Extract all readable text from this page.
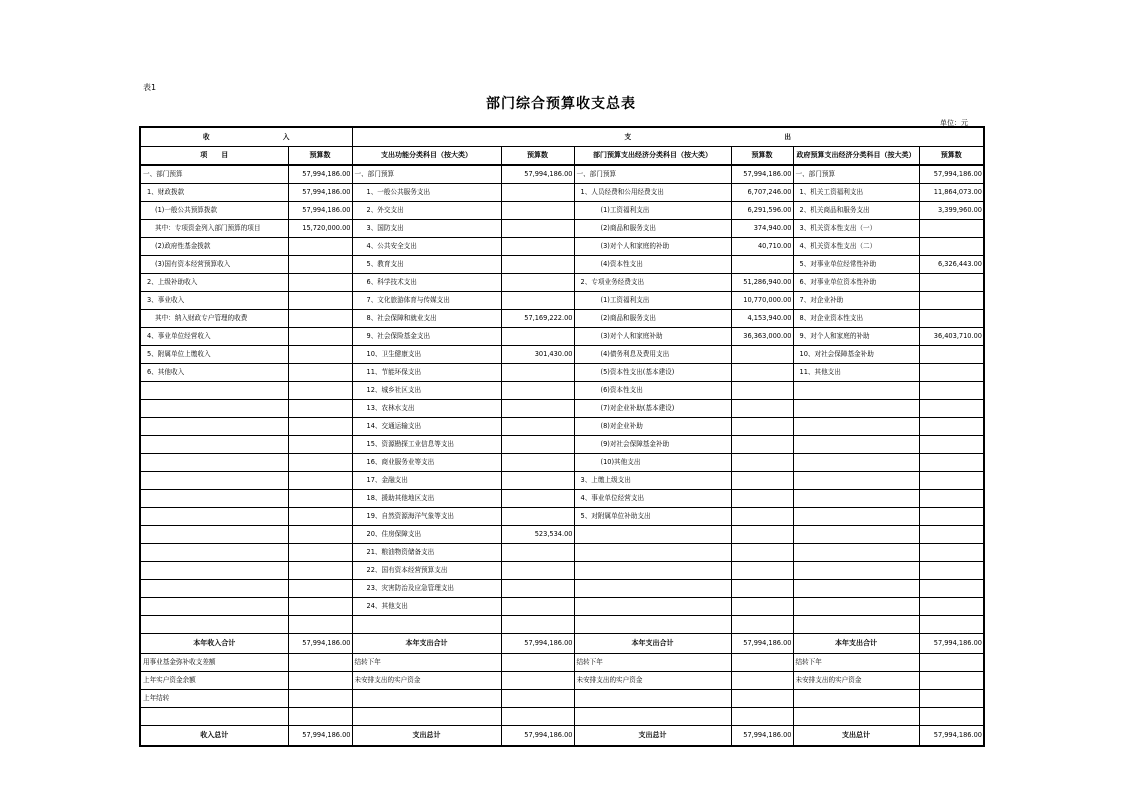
表1
部门综合预算收支总表
单位：元
收 入		支 出					

项　　目	预算数	支出功能分类科目（按大类）	预算数	部门预算支出经济分类科目（按大类）	预算数	政府预算支出经济分类科目（按大类）	预算数
一、部门预算	57,994,186.00	一、部门预算	57,994,186.00	一、部门预算	57,994,186.00	一、部门预算	57,994,186.00
1、财政拨款	57,994,186.00	1、一般公共服务支出		1、人员经费和公用经费支出	6,707,246.00	1、机关工资福利支出	11,864,073.00
(1)一般公共预算拨款	57,994,186.00	2、外交支出		(1)工资福利支出	6,291,596.00	2、机关商品和服务支出	3,399,960.00
其中：专项资金列入部门预算的项目	15,720,000.00	3、国防支出		(2)商品和服务支出	374,940.00	3、机关资本性支出（一）	
(2)政府性基金拨款		4、公共安全支出		(3)对个人和家庭的补助	40,710.00	4、机关资本性支出（二）	
(3)国有资本经营预算收入		5、教育支出		(4)资本性支出		5、对事业单位经常性补助	6,326,443.00
2、上级补助收入		6、科学技术支出		2、专项业务经费支出	51,286,940.00	6、对事业单位资本性补助	
3、事业收入		7、文化旅游体育与传媒支出		(1)工资福利支出	10,770,000.00	7、对企业补助	
其中：纳入财政专户管理的收费		8、社会保障和就业支出	57,169,222.00	(2)商品和服务支出	4,153,940.00	8、对企业资本性支出	
4、事业单位经营收入		9、社会保险基金支出		(3)对个人和家庭补助	36,363,000.00	9、对个人和家庭的补助	36,403,710.00
5、附属单位上缴收入		10、卫生健康支出	301,430.00	(4)债务利息及费用支出		10、对社会保障基金补助	
6、其他收入		11、节能环保支出		(5)资本性支出(基本建设)		11、其他支出	
		12、城乡社区支出		(6)资本性支出			
		13、农林水支出		(7)对企业补助(基本建设)			
		14、交通运输支出		(8)对企业补助			
		15、资源勘探工业信息等支出		(9)对社会保障基金补助			
		16、商业服务业等支出		(10)其他支出			
		17、金融支出		3、上缴上级支出			
		18、援助其他地区支出		4、事业单位经营支出			
		19、自然资源海洋气象等支出		5、对附属单位补助支出			
		20、住房保障支出	523,534.00				
		21、粮油物资储备支出					
		22、国有资本经营预算支出					
		23、灾害防治及应急管理支出					
		24、其他支出					

本年收入合计	57,994,186.00	本年支出合计	57,994,186.00	本年支出合计	57,994,186.00	本年支出合计	57,994,186.00
用事业基金弥补收支差额		结转下年		结转下年		结转下年	
上年实户资金余额		未安排支出的实户资金		未安排支出的实户资金		未安排支出的实户资金	
上年结转							

收入总计	57,994,186.00	支出总计	57,994,186.00	支出总计	57,994,186.00	支出总计	57,994,186.00
